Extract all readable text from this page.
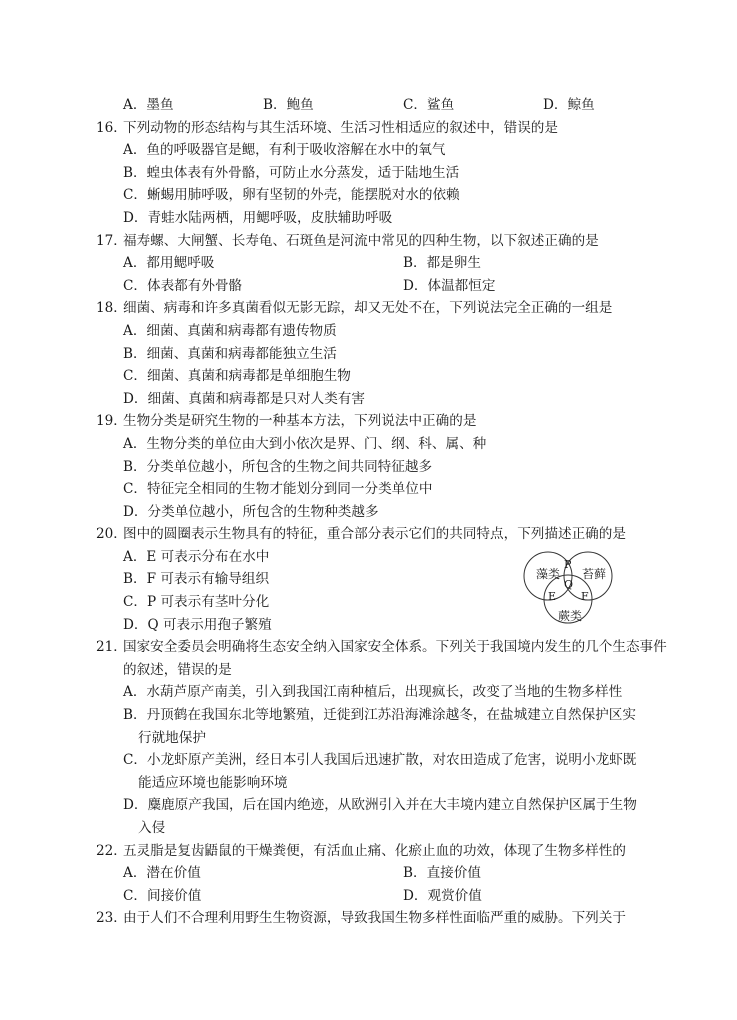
A．墨鱼	B．鲍鱼	C．鲨鱼	D．鲸鱼
16．
下列动物的形态结构与其生活环境、生活习性相适应的叙述中，错误的是
A．鱼的呼吸器官是鳃，有利于吸收溶解在水中的氧气
B．蝗虫体表有外骨骼，可防止水分蒸发，适于陆地生活
C．蜥蜴用肺呼吸，卵有坚韧的外壳，能摆脱对水的依赖
D．青蛙水陆两栖，用鳃呼吸，皮肤辅助呼吸
17．
福寿螺、大闸蟹、长寿龟、石斑鱼是河流中常见的四种生物，以下叙述正确的是
A．都用鳃呼吸	B．都是卵生
C．体表都有外骨骼	D．体温都恒定
18．
细菌、病毒和许多真菌看似无影无踪，却又无处不在，下列说法完全正确的一组是
A．细菌、真菌和病毒都有遗传物质
B．细菌、真菌和病毒都能独立生活
C．细菌、真菌和病毒都是单细胞生物
D．细菌、真菌和病毒都是只对人类有害
19．
生物分类是研究生物的一种基本方法，下列说法中正确的是
A．生物分类的单位由大到小依次是界、门、纲、科、属、种
B．分类单位越小，所包含的生物之间共同特征越多
C．特征完全相同的生物才能划分到同一分类单位中
D．分类单位越小，所包含的生物种类越多
20．
图中的圆圈表示生物具有的特征，重合部分表示它们的共同特点，下列描述正确的是
A．E 可表示分布在水中
B．F 可表示有输导组织
C．P 可表示有茎叶分化
D．Q 可表示用孢子繁殖
21．
国家安全委员会明确将生态安全纳入国家安全体系。下列关于我国境内发生的几个生态事件的叙述，错误的是
A．水葫芦原产南美，引入到我国江南种植后，出现疯长，改变了当地的生物多样性
B．丹顶鹤在我国东北等地繁殖，迁徙到江苏沿海滩涂越冬，在盐城建立自然保护区实行就地保护
C．小龙虾原产美洲，经日本引人我国后迅速扩散，对农田造成了危害，说明小龙虾既能适应环境也能影响环境
D．麋鹿原产我国，后在国内绝迹，从欧洲引入并在大丰境内建立自然保护区属于生物入侵
22．
五灵脂是复齿鼯鼠的干燥粪便，有活血止痛、化瘀止血的功效，体现了生物多样性的
A．潜在价值	B．直接价值
C．间接价值	D．观赏价值
23．
由于人们不合理利用野生生物资源，导致我国生物多样性面临严重的威胁。下列关于
藻类 苔藓
蕨类
P
Q
E F
